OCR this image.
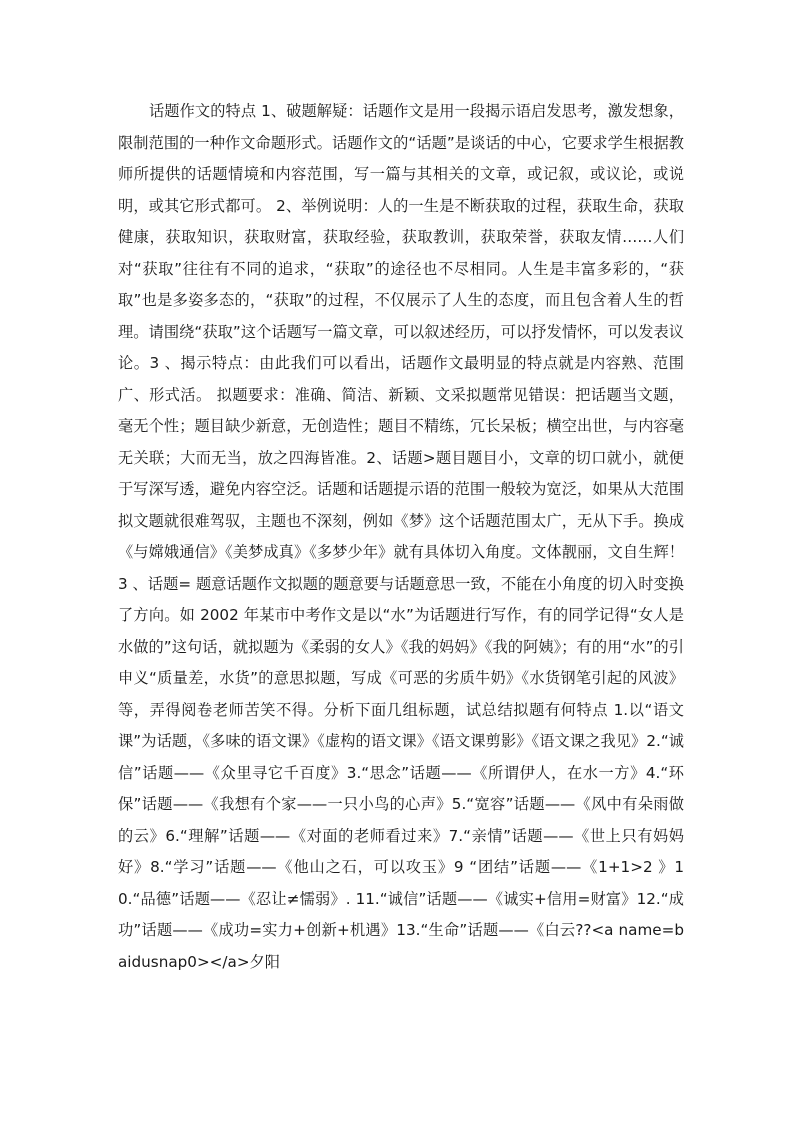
话题作文的特点 1、破题解疑：话题作文是用一段揭示语启发思考，激发想象，限制范围的一种作文命题形式。话题作文的“话题”是谈话的中心，它要求学生根据教师所提供的话题情境和内容范围，写一篇与其相关的文章，或记叙，或议论，或说明，或其它形式都可。 2、举例说明：人的一生是不断获取的过程，获取生命，获取健康，获取知识，获取财富，获取经验，获取教训，获取荣誉，获取友情……人们对“获取”往往有不同的追求，“获取”的途径也不尽相同。人生是丰富多彩的，“获取”也是多姿多态的，“获取”的过程，不仅展示了人生的态度，而且包含着人生的哲理。请围绕“获取”这个话题写一篇文章，可以叙述经历，可以抒发情怀，可以发表议论。3 、揭示特点：由此我们可以看出，话题作文最明显的特点就是内容熟、范围广、形式活。 拟题要求：准确、简洁、新颖、文采拟题常见错误：把话题当文题，毫无个性；题目缺少新意，无创造性；题目不精练，冗长呆板；横空出世，与内容毫无关联；大而无当，放之四海皆准。2、话题>题目题目小，文章的切口就小，就便于写深写透，避免内容空泛。话题和话题提示语的范围一般较为宽泛，如果从大范围拟文题就很难驾驭，主题也不深刻，例如《梦》这个话题范围太广，无从下手。换成《与嫦娥通信》《美梦成真》《多梦少年》就有具体切入角度。文体靓丽，文自生辉！3 、话题= 题意话题作文拟题的题意要与话题意思一致，不能在小角度的切入时变换了方向。如 2002 年某市中考作文是以“水”为话题进行写作，有的同学记得“女人是水做的”这句话，就拟题为《柔弱的女人》《我的妈妈》《我的阿姨》；有的用“水”的引申义“质量差，水货”的意思拟题，写成《可恶的劣质牛奶》《水货钢笔引起的风波》等，弄得阅卷老师苦笑不得。分析下面几组标题，试总结拟题有何特点 1.以“语文课”为话题，《多味的语文课》《虚构的语文课》《语文课剪影》《语文课之我见》2.“诚信”话题——《众里寻它千百度》3.“思念”话题——《所谓伊人，在水一方》4.“环保”话题——《我想有个家——一只小鸟的心声》5.“宽容”话题——《风中有朵雨做的云》6.“理解”话题——《对面的老师看过来》7.“亲情”话题——《世上只有妈妈好》8.“学习”话题——《他山之石，可以攻玉》9 “团结”话题——《1+1>2 》10.“品德”话题——《忍让≠懦弱》. 11.“诚信”话题——《诚实+信用=财富》12.“成功”话题——《成功=实力+创新+机遇》13.“生命”话题——《白云??<a name=baidusnap0></a>夕阳
